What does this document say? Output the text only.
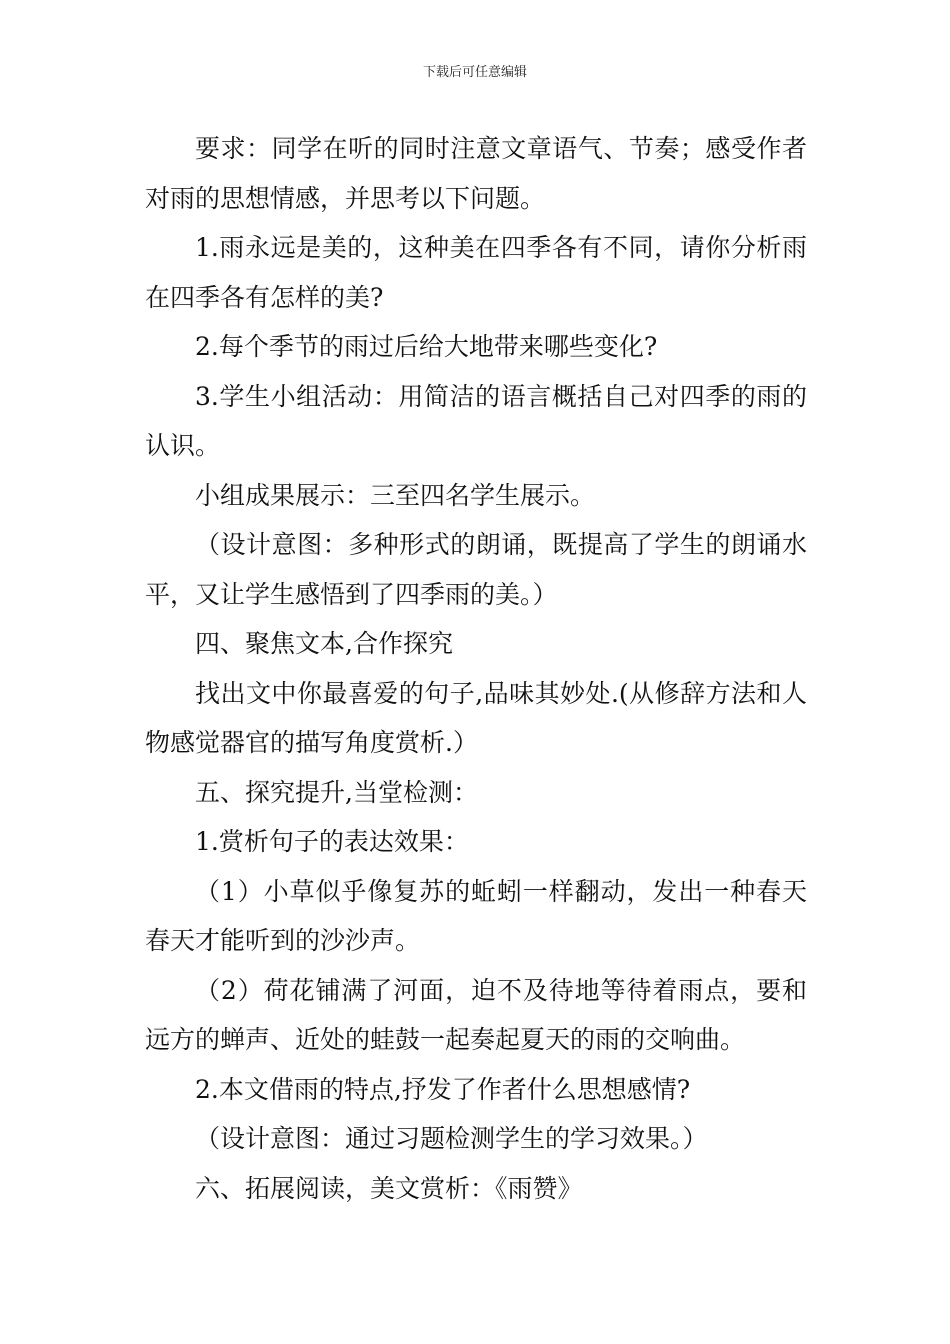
下载后可任意编辑

要求：同学在听的同时注意文章语气、节奏；感受作者对雨的思想情感，并思考以下问题。

1.雨永远是美的，这种美在四季各有不同，请你分析雨在四季各有怎样的美?

2.每个季节的雨过后给大地带来哪些变化?

3.学生小组活动：用简洁的语言概括自己对四季的雨的认识。

小组成果展示：三至四名学生展示。

（设计意图：多种形式的朗诵，既提高了学生的朗诵水平，又让学生感悟到了四季雨的美。）

四、聚焦文本,合作探究

找出文中你最喜爱的句子,品味其妙处.(从修辞方法和人物感觉器官的描写角度赏析.）

五、探究提升,当堂检测：

1.赏析句子的表达效果：

（1）小草似乎像复苏的蚯蚓一样翻动，发出一种春天春天才能听到的沙沙声。

（2）荷花铺满了河面，迫不及待地等待着雨点，要和远方的蝉声、近处的蛙鼓一起奏起夏天的雨的交响曲。

2.本文借雨的特点,抒发了作者什么思想感情?

（设计意图：通过习题检测学生的学习效果。）

六、拓展阅读，美文赏析：《雨赞》
